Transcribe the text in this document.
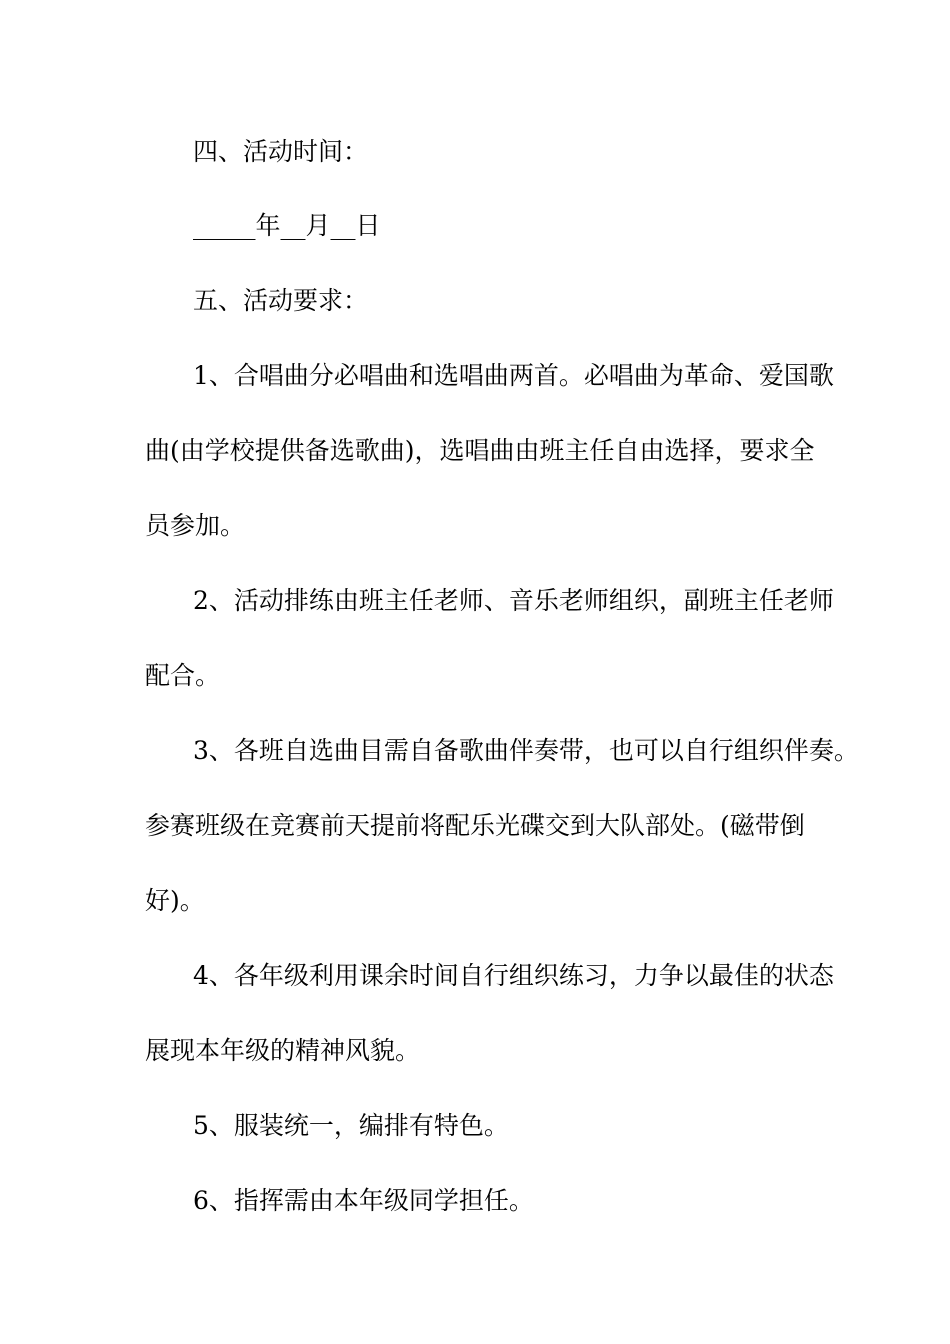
四、活动时间：
_____年__月__日
五、活动要求：
1、合唱曲分必唱曲和选唱曲两首。必唱曲为革命、爱国歌
曲(由学校提供备选歌曲)，选唱曲由班主任自由选择，要求全
员参加。
2、活动排练由班主任老师、音乐老师组织，副班主任老师
配合。
3、各班自选曲目需自备歌曲伴奏带，也可以自行组织伴奏。
参赛班级在竞赛前天提前将配乐光碟交到大队部处。(磁带倒
好)。
4、各年级利用课余时间自行组织练习，力争以最佳的状态
展现本年级的精神风貌。
5、服装统一，编排有特色。
6、指挥需由本年级同学担任。
